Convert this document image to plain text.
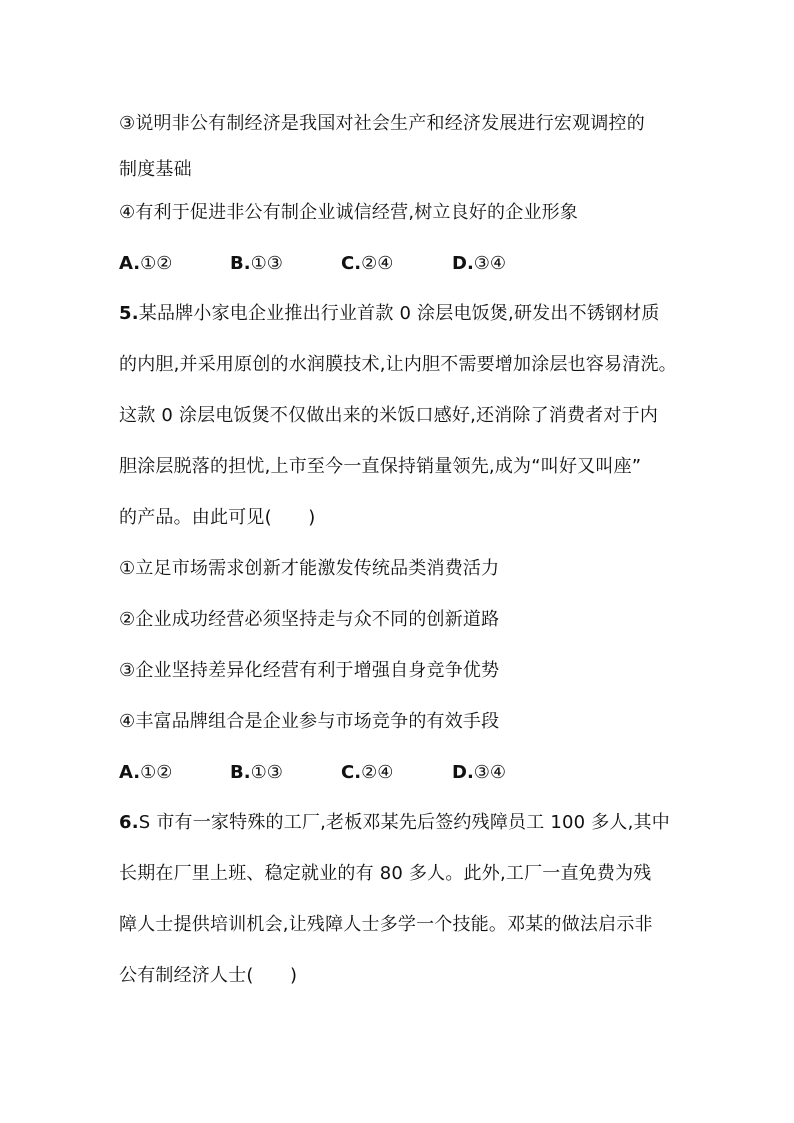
③说明非公有制经济是我国对社会生产和经济发展进行宏观调控的
制度基础
④有利于促进非公有制企业诚信经营,树立良好的企业形象
A.①②	B.①③	C.②④	D.③④
5.某品牌小家电企业推出行业首款 0 涂层电饭煲,研发出不锈钢材质
的内胆,并采用原创的水润膜技术,让内胆不需要增加涂层也容易清洗。
这款 0 涂层电饭煲不仅做出来的米饭口感好,还消除了消费者对于内
胆涂层脱落的担忧,上市至今一直保持销量领先,成为“叫好又叫座”
的产品。由此可见(　　)
①立足市场需求创新才能激发传统品类消费活力
②企业成功经营必须坚持走与众不同的创新道路
③企业坚持差异化经营有利于增强自身竞争优势
④丰富品牌组合是企业参与市场竞争的有效手段
A.①②	B.①③	C.②④	D.③④
6.S 市有一家特殊的工厂,老板邓某先后签约残障员工 100 多人,其中
长期在厂里上班、稳定就业的有 80 多人。此外,工厂一直免费为残
障人士提供培训机会,让残障人士多学一个技能。邓某的做法启示非
公有制经济人士(　　)
